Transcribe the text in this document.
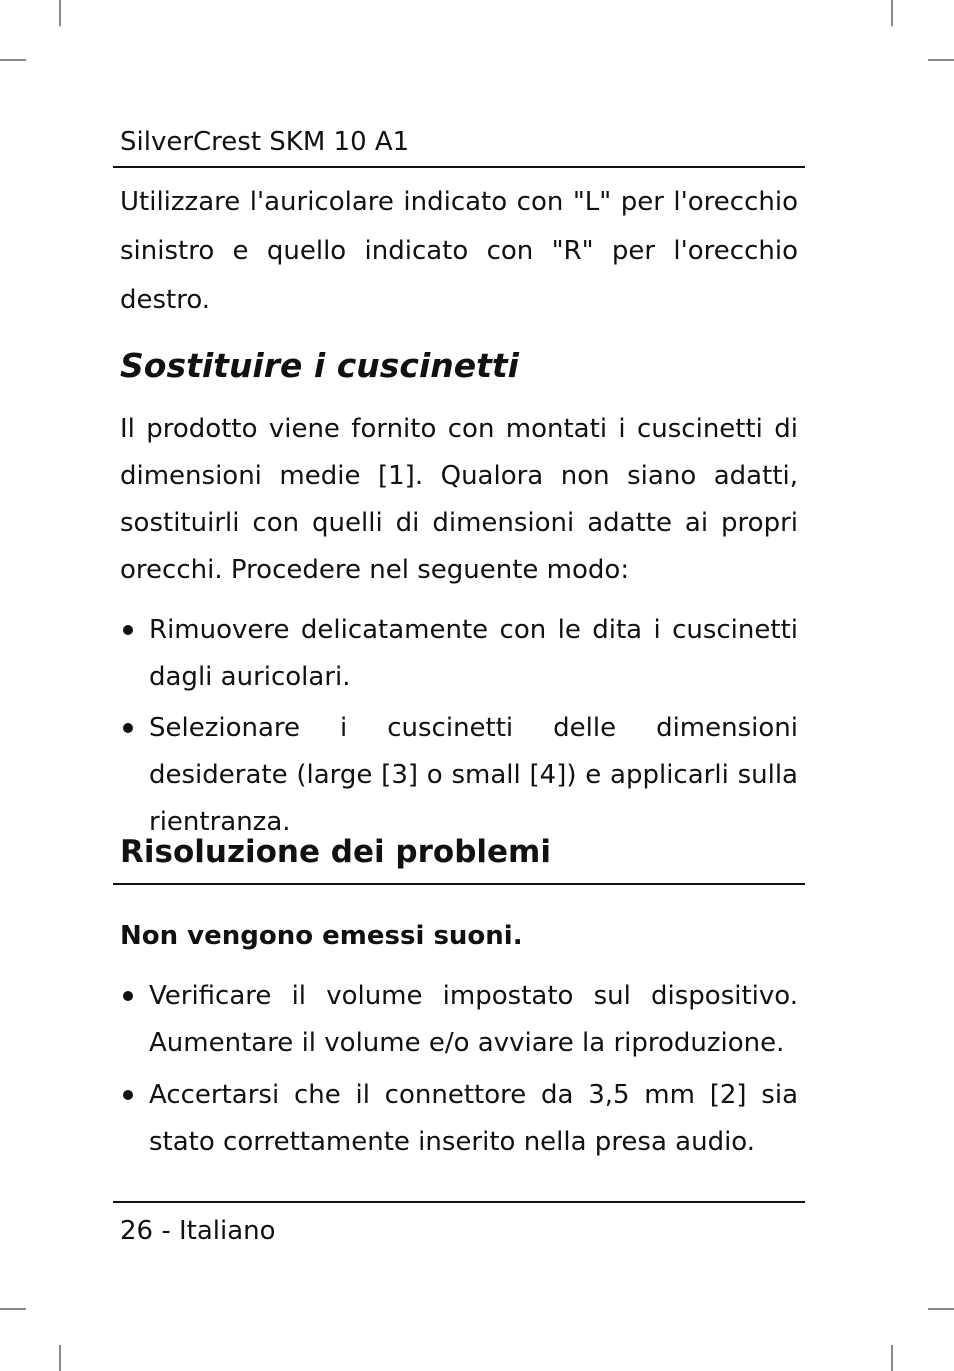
SilverCrest SKM 10 A1

Utilizzare l'auricolare indicato con "L" per l'orecchio sinistro e quello indicato con "R" per l'orecchio destro.

Sostituire i cuscinetti

Il prodotto viene fornito con montati i cuscinetti di dimensioni medie [1]. Qualora non siano adatti, sostituirli con quelli di dimensioni adatte ai propri orecchi. Procedere nel seguente modo:

Rimuovere delicatamente con le dita i cuscinetti dagli auricolari.
Selezionare i cuscinetti delle dimensioni desiderate (large [3] o small [4]) e applicarli sulla rientranza.
Risoluzione dei problemi
Non vengono emessi suoni.
Verificare il volume impostato sul dispositivo. Aumentare il volume e/o avviare la riproduzione.
Accertarsi che il connettore da 3,5 mm [2] sia stato correttamente inserito nella presa audio.
26 - Italiano
